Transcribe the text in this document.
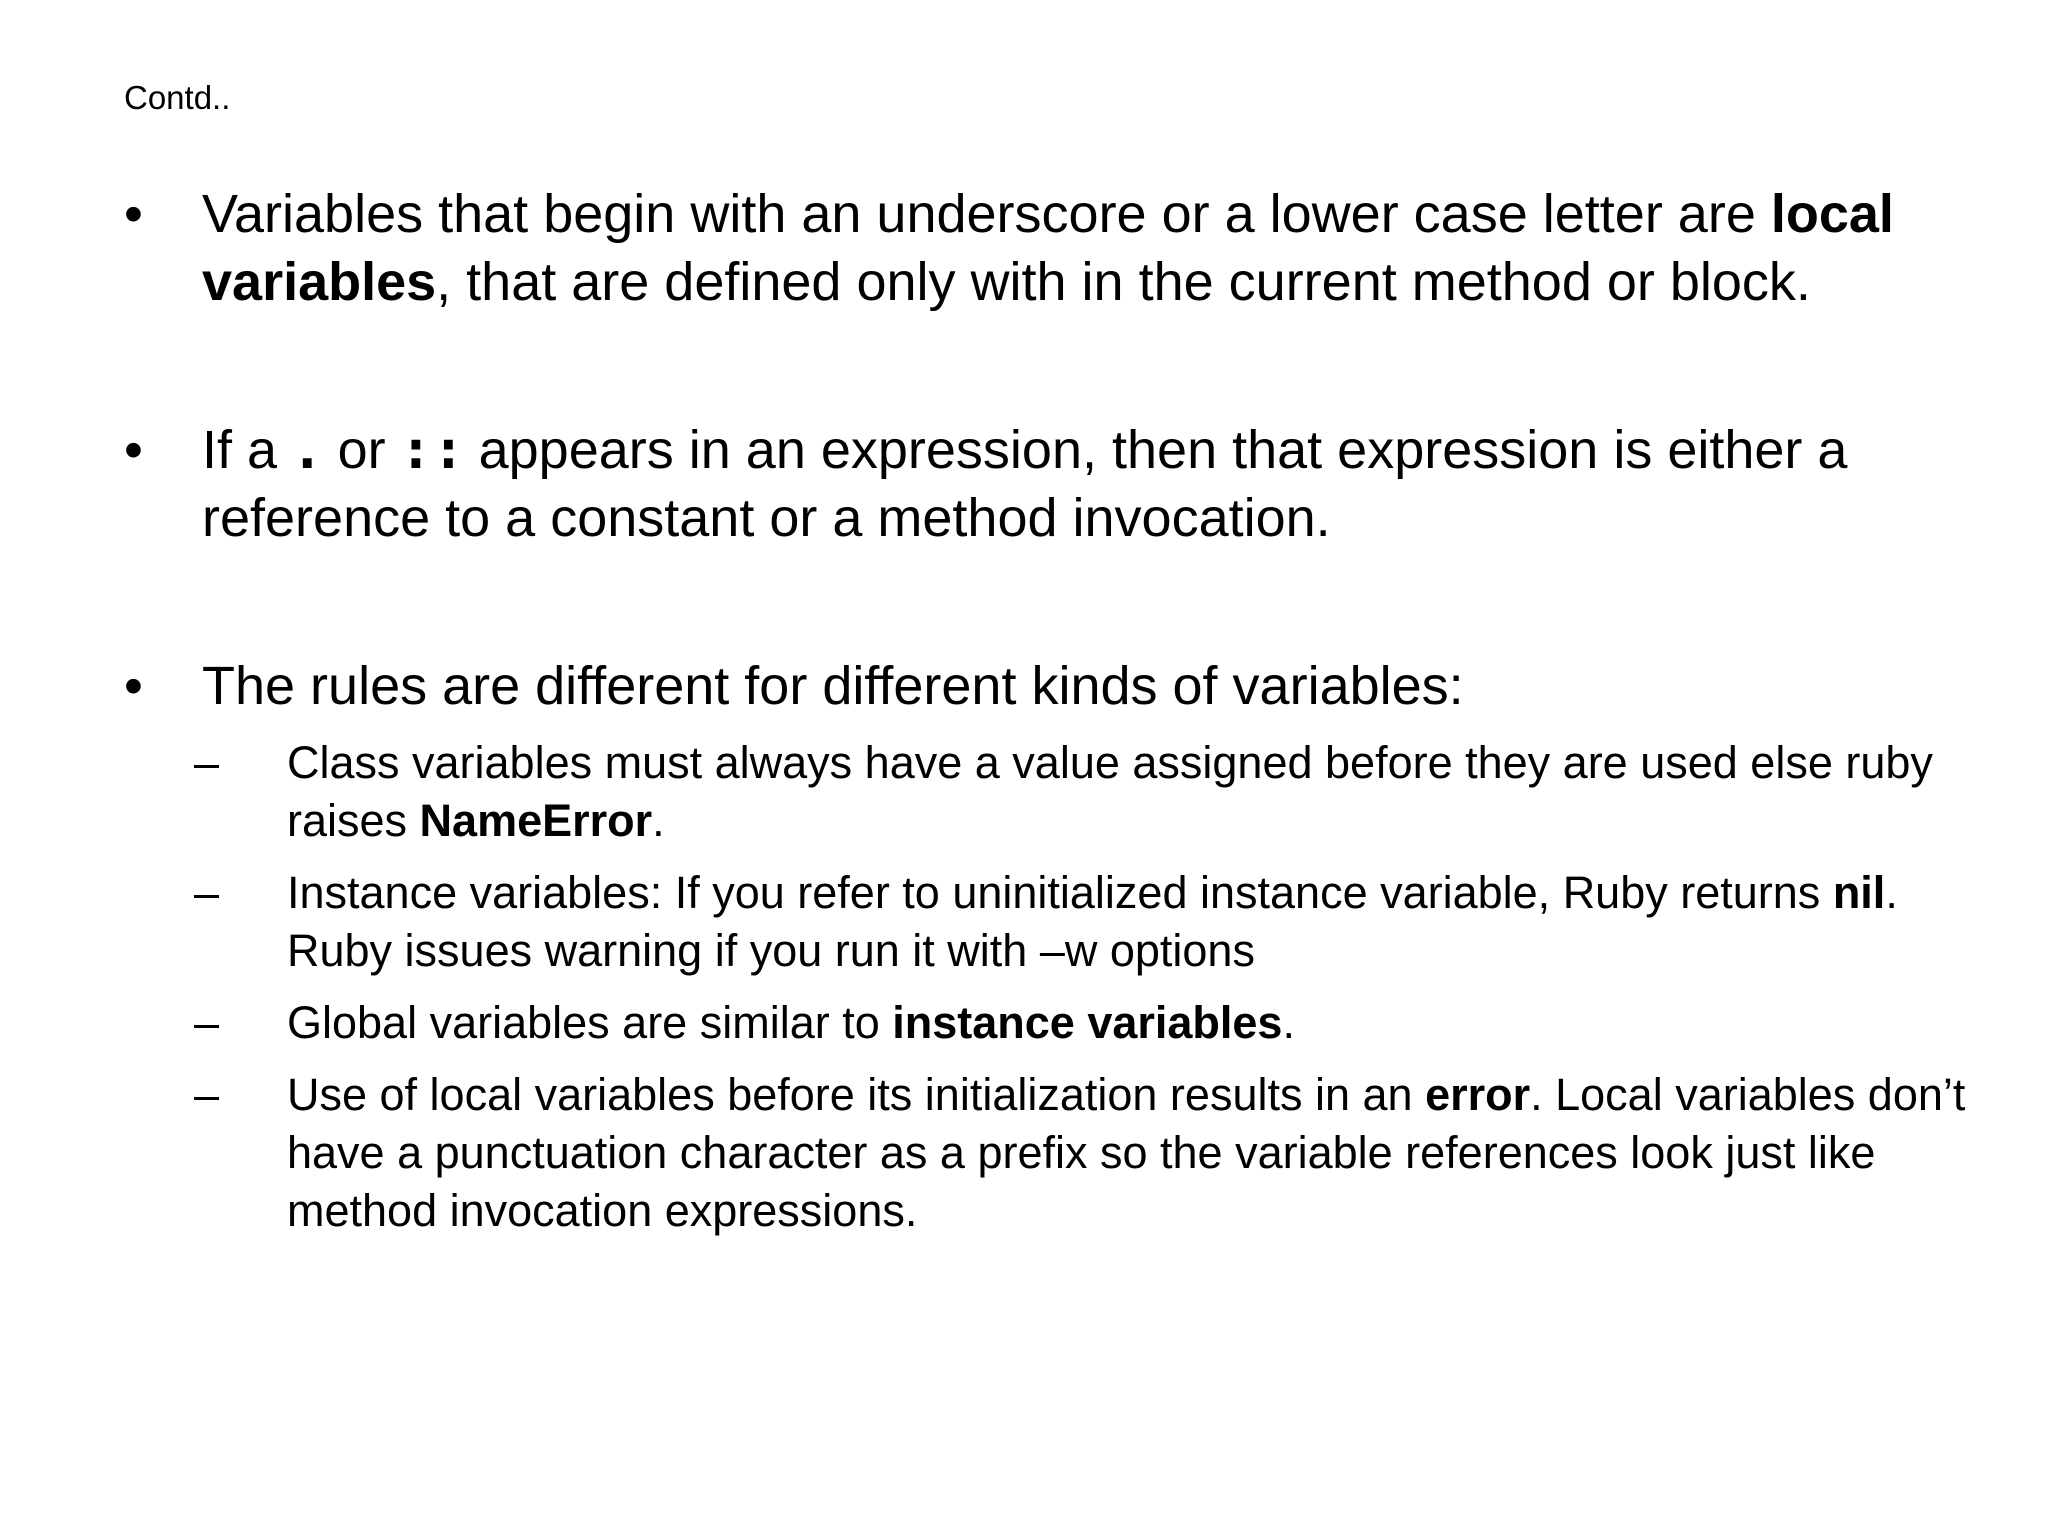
Contd..
•	Variables that begin with an underscore or a lower case letter are local variables, that are defined only with in the current method or block.
•	If a . or :: appears in an expression, then that expression is either a reference to a constant or a method invocation.
•	The rules are different for different kinds of variables:
– Class variables must always have a value assigned before they are used else ruby raises NameError.
– Instance variables: If you refer to uninitialized instance variable, Ruby returns nil. Ruby issues warning if you run it with –w options
– Global variables are similar to instance variables.
– Use of local variables before its initialization results in an error. Local variables don’t have a punctuation character as a prefix so the variable references look just like method invocation expressions.
